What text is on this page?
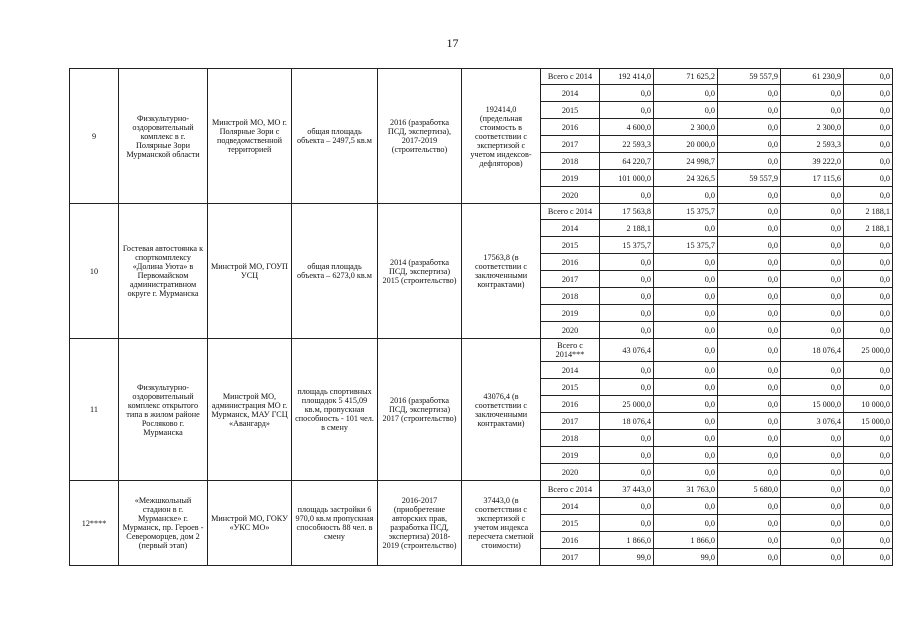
17
9	Физкультурно-оздоровительный комплекс в г. Полярные Зори Мурманской области	Минстрой МО, МО г. Полярные Зори с подведомственной территорией	общая площадь объекта – 2497,5 кв.м	2016 (разработка ПСД, экспертиза), 2017-2019 (строительство)	192414,0 (предельная стоимость в соответствии с экспертизой с учетом индексов-дефляторов)	Всего с 2014	192 414,0	71 625,2	59 557,9	61 230,9	0,0
						2014	0,0	0,0	0,0	0,0	0,0
						2015	0,0	0,0	0,0	0,0	0,0
						2016	4 600,0	2 300,0	0,0	2 300,0	0,0
						2017	22 593,3	20 000,0	0,0	2 593,3	0,0
						2018	64 220,7	24 998,7	0,0	39 222,0	0,0
						2019	101 000,0	24 326,5	59 557,9	17 115,6	0,0
						2020	0,0	0,0	0,0	0,0	0,0
10	Гостевая автостоянка к спорткомплексу «Долина Уюта» в Первомайском административном округе г. Мурманска	Минстрой МО, ГОУП УСЦ	общая площадь объекта – 6273,0 кв.м	2014 (разработка ПСД, экспертиза) 2015 (строительство)	17563,8 (в соответствии с заключенными контрактами)	Всего с 2014	17 563,8	15 375,7	0,0	0,0	2 188,1
						2014	2 188,1	0,0	0,0	0,0	2 188,1
						2015	15 375,7	15 375,7	0,0	0,0	0,0
						2016	0,0	0,0	0,0	0,0	0,0
						2017	0,0	0,0	0,0	0,0	0,0
						2018	0,0	0,0	0,0	0,0	0,0
						2019	0,0	0,0	0,0	0,0	0,0
						2020	0,0	0,0	0,0	0,0	0,0
11	Физкультурно-оздоровительный комплекс открытого типа в жилом районе Росляково г. Мурманска	Минстрой МО, администрация МО г. Мурманск, МАУ ГСЦ «Авангард»	площадь спортивных площадок 5 415,09 кв.м, пропускная способность - 101 чел. в смену	2016 (разработка ПСД, экспертиза) 2017 (строительство)	43076,4 (в соответствии с заключенными контрактами)	Всего с 2014***	43 076,4	0,0	0,0	18 076,4	25 000,0
						2014	0,0	0,0	0,0	0,0	0,0
						2015	0,0	0,0	0,0	0,0	0,0
						2016	25 000,0	0,0	0,0	15 000,0	10 000,0
						2017	18 076,4	0,0	0,0	3 076,4	15 000,0
						2018	0,0	0,0	0,0	0,0	0,0
						2019	0,0	0,0	0,0	0,0	0,0
						2020	0,0	0,0	0,0	0,0	0,0
12****	«Межшкольный стадион в г. Мурманске» г. Мурманск, пр. Героев - Североморцев, дом 2 (первый этап)	Минстрой МО, ГОКУ «УКС МО»	площадь застройки 6 970,0 кв.м пропускная способность 88 чел. в смену	2016-2017 (приобретение авторских прав, разработка ПСД, экспертиза) 2018-2019 (строительство)	37443,0 (в соответствии с экспертизой с учетом индекса пересчета сметной стоимости)	Всего с 2014	37 443,0	31 763,0	5 680,0	0,0	0,0
						2014	0,0	0,0	0,0	0,0	0,0
						2015	0,0	0,0	0,0	0,0	0,0
						2016	1 866,0	1 866,0	0,0	0,0	0,0
						2017	99,0	99,0	0,0	0,0	0,0
